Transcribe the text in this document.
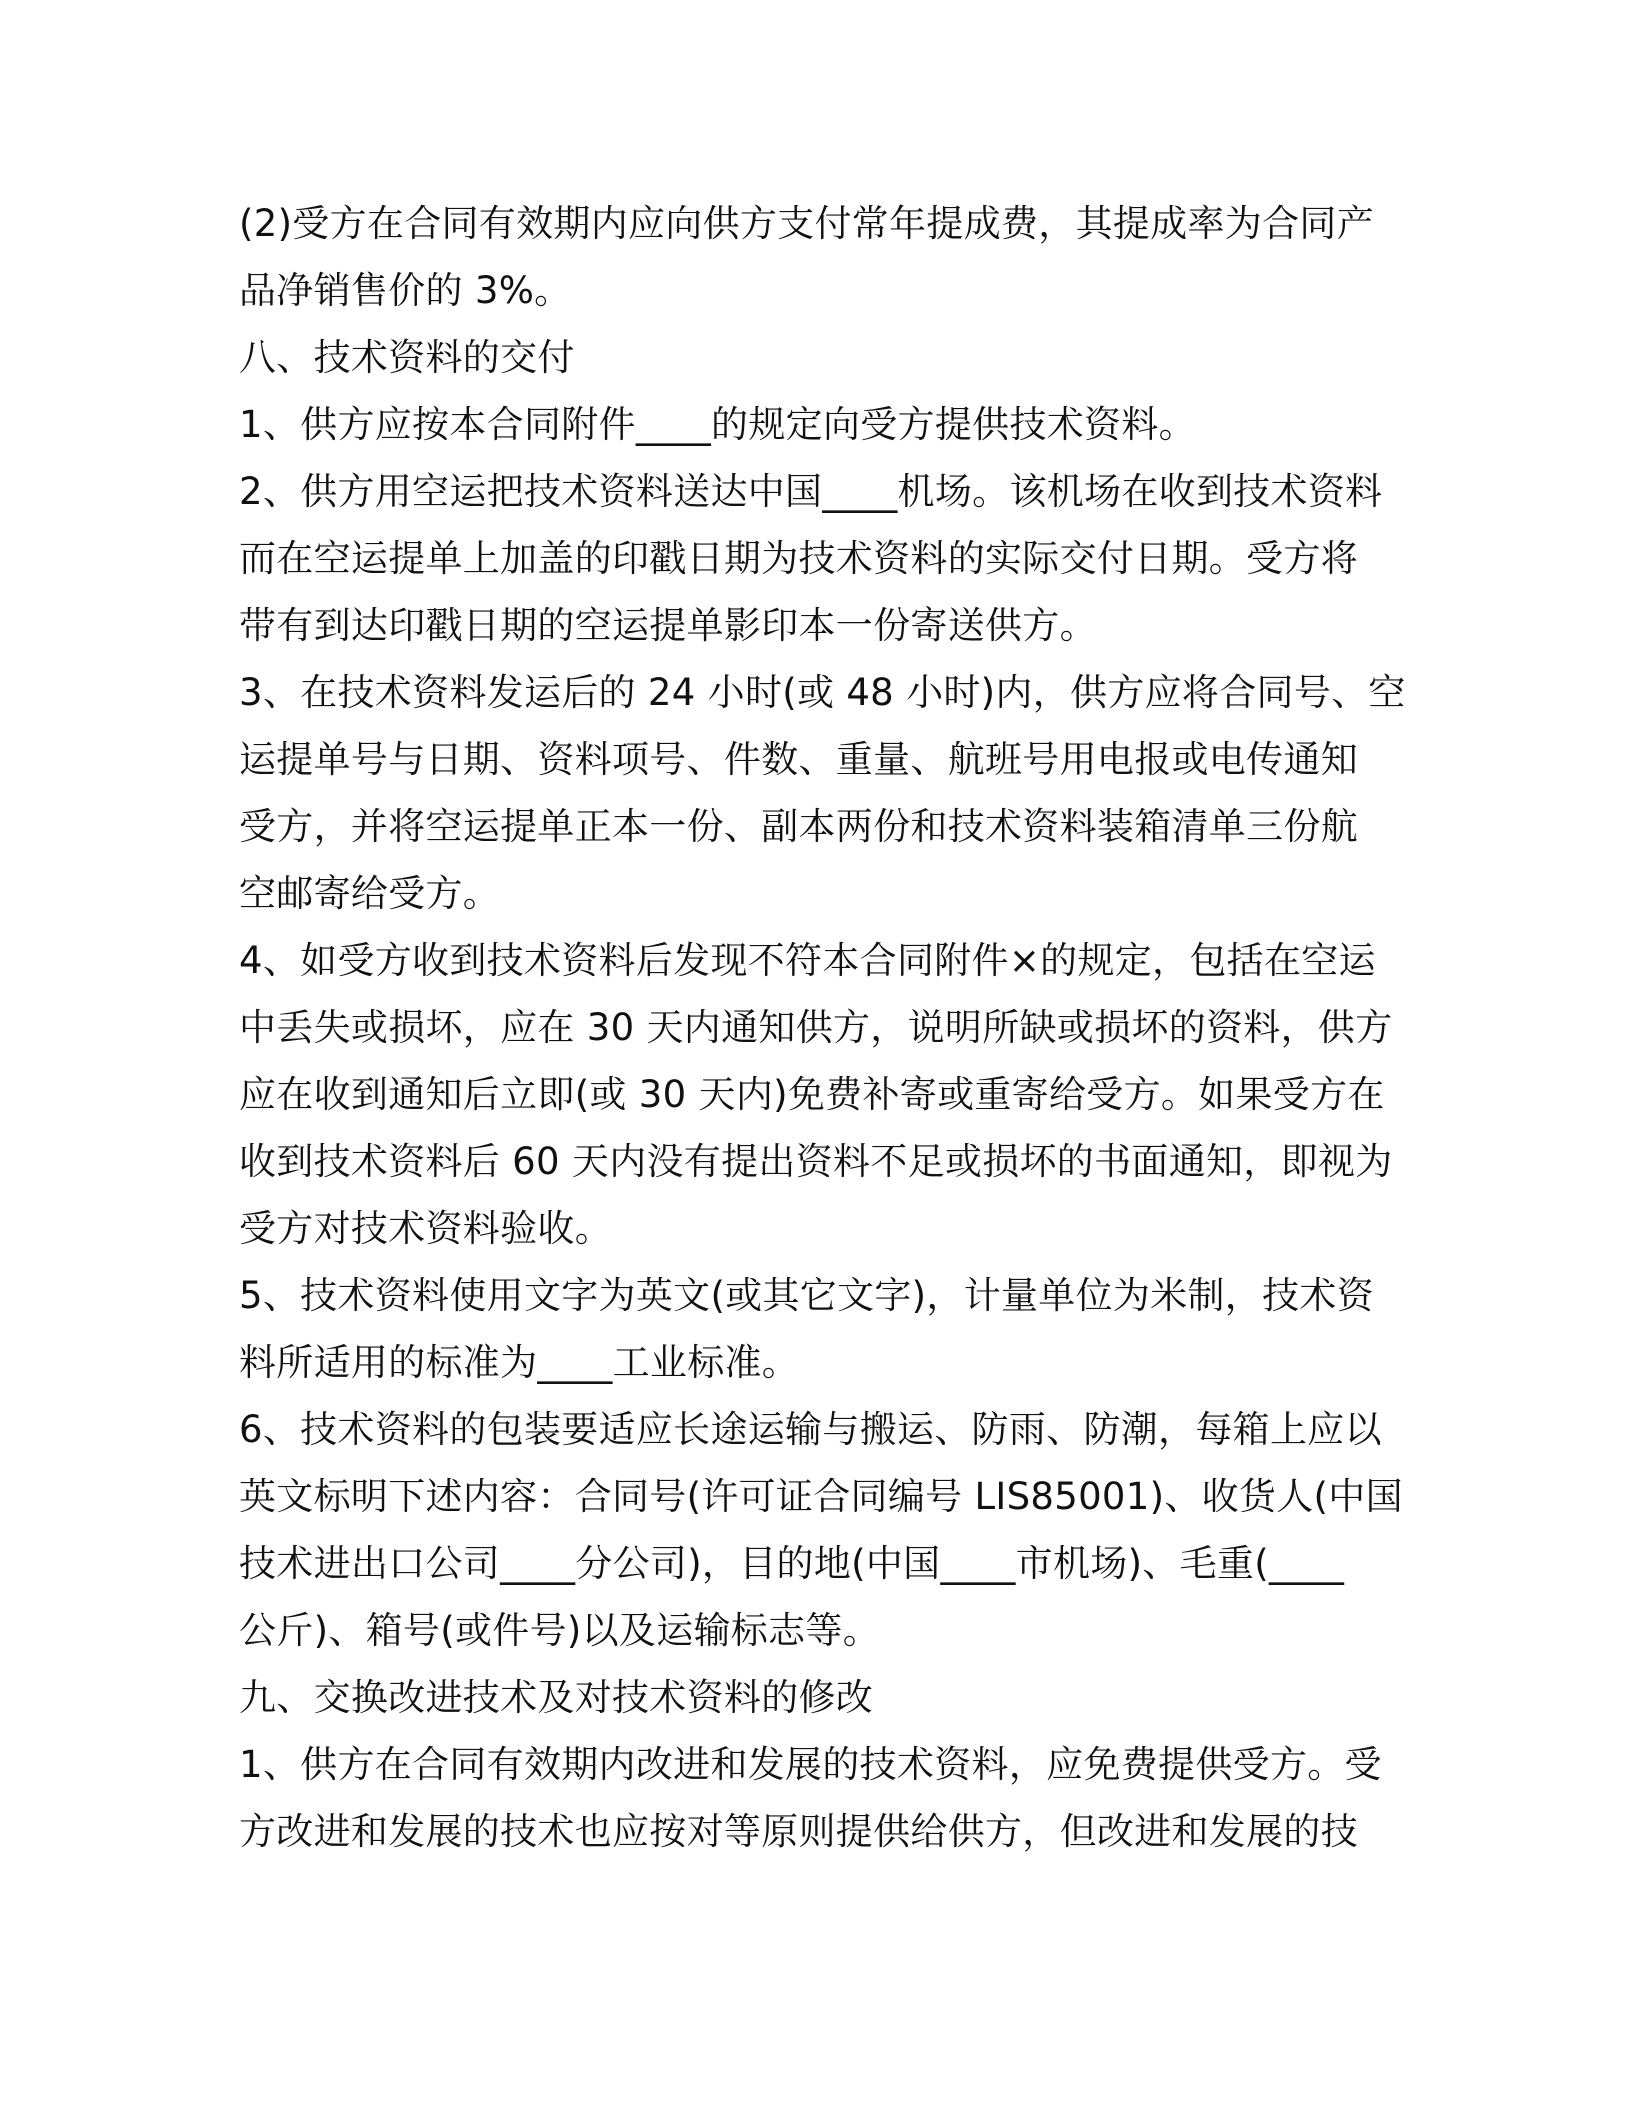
(2)受方在合同有效期内应向供方支付常年提成费，其提成率为合同产
品净销售价的 3%。
八、技术资料的交付
1、供方应按本合同附件____的规定向受方提供技术资料。
2、供方用空运把技术资料送达中国____机场。该机场在收到技术资料
而在空运提单上加盖的印戳日期为技术资料的实际交付日期。受方将
带有到达印戳日期的空运提单影印本一份寄送供方。
3、在技术资料发运后的 24 小时(或 48 小时)内，供方应将合同号、空
运提单号与日期、资料项号、件数、重量、航班号用电报或电传通知
受方，并将空运提单正本一份、副本两份和技术资料装箱清单三份航
空邮寄给受方。
4、如受方收到技术资料后发现不符本合同附件×的规定，包括在空运
中丢失或损坏，应在 30 天内通知供方，说明所缺或损坏的资料，供方
应在收到通知后立即(或 30 天内)免费补寄或重寄给受方。如果受方在
收到技术资料后 60 天内没有提出资料不足或损坏的书面通知，即视为
受方对技术资料验收。
5、技术资料使用文字为英文(或其它文字)，计量单位为米制，技术资
料所适用的标准为____工业标准。
6、技术资料的包装要适应长途运输与搬运、防雨、防潮，每箱上应以
英文标明下述内容：合同号(许可证合同编号 LIS85001)、收货人(中国
技术进出口公司____分公司)，目的地(中国____市机场)、毛重(____
公斤)、箱号(或件号)以及运输标志等。
九、交换改进技术及对技术资料的修改
1、供方在合同有效期内改进和发展的技术资料，应免费提供受方。受
方改进和发展的技术也应按对等原则提供给供方，但改进和发展的技
